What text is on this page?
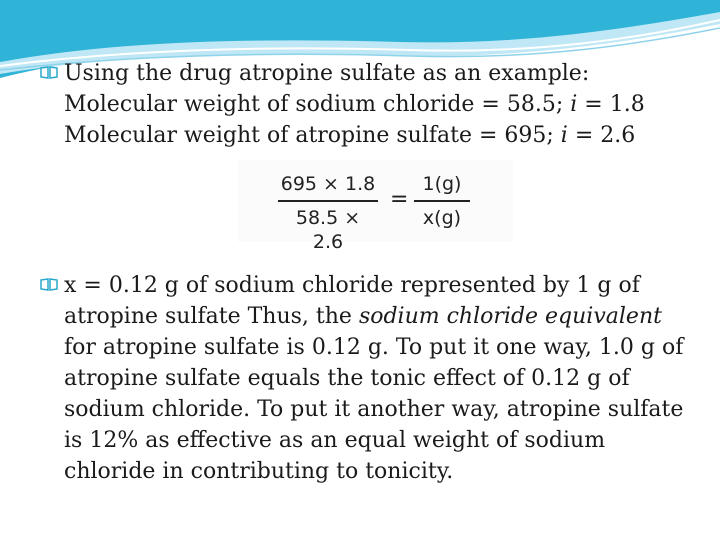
Using the drug atropine sulfate as an example:
Molecular weight of sodium chloride = 58.5; i = 1.8
Molecular weight of atropine sulfate = 695; i = 2.6
695 × 1.8
58.5 × 2.6
=
1(g)
x(g)
x = 0.12 g of sodium chloride represented by 1 g of atropine sulfate Thus, the sodium chloride equivalent for atropine sulfate is 0.12 g. To put it one way, 1.0 g of atropine sulfate equals the tonic effect of 0.12 g of sodium chloride. To put it another way, atropine sulfate is 12% as effective as an equal weight of sodium chloride in contributing to tonicity.
